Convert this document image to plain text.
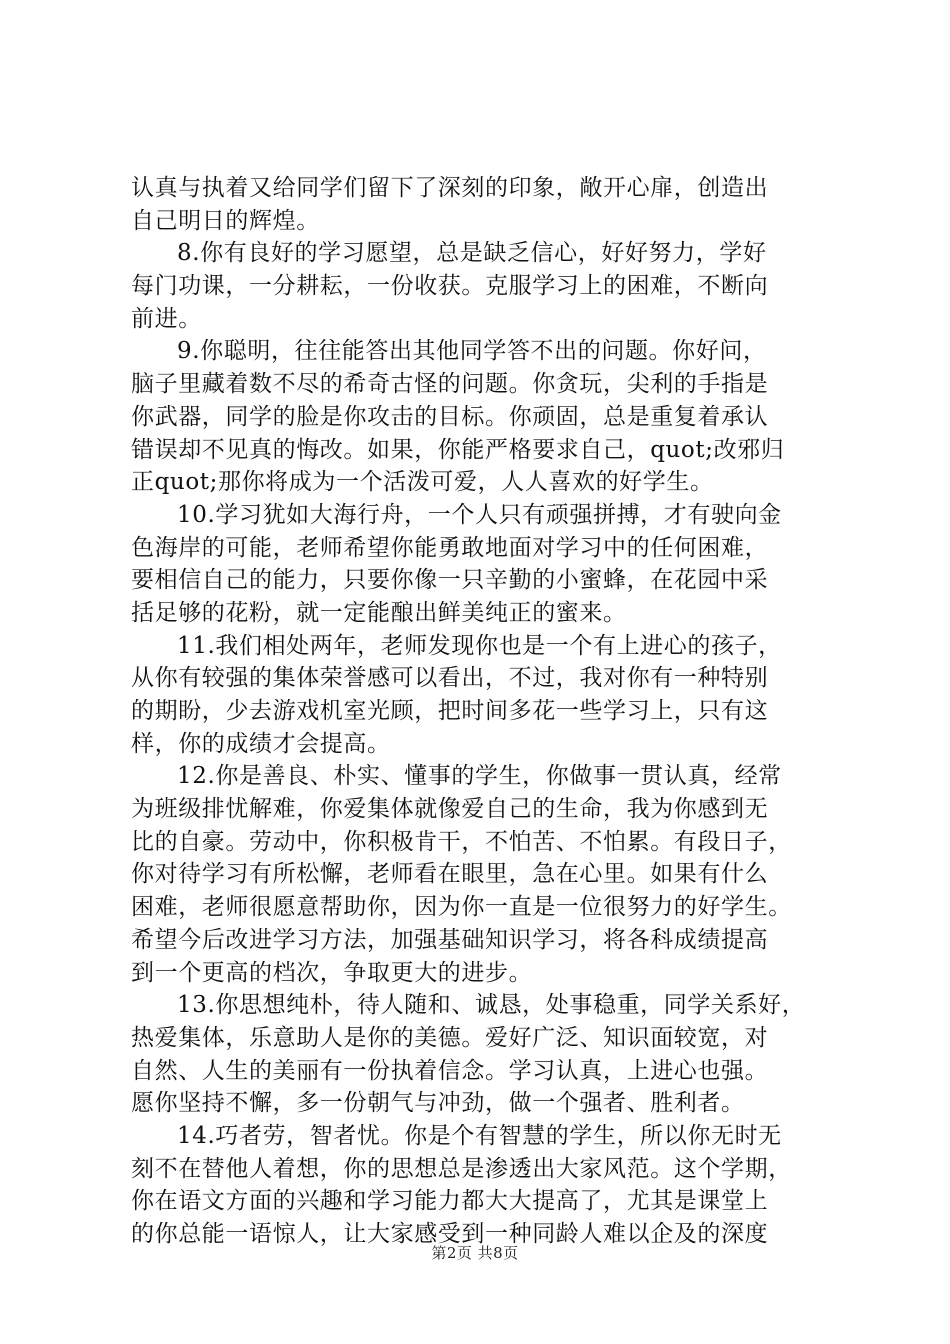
认真与执着又给同学们留下了深刻的印象，敞开心扉，创造出
自己明日的辉煌。
8.你有良好的学习愿望，总是缺乏信心，好好努力，学好
每门功课，一分耕耘，一份收获。克服学习上的困难，不断向
前进。
9.你聪明，往往能答出其他同学答不出的问题。你好问，
脑子里藏着数不尽的希奇古怪的问题。你贪玩，尖利的手指是
你武器，同学的脸是你攻击的目标。你顽固，总是重复着承认
错误却不见真的悔改。如果，你能严格要求自己，quot;改邪归
正quot;那你将成为一个活泼可爱，人人喜欢的好学生。
10.学习犹如大海行舟，一个人只有顽强拼搏，才有驶向金
色海岸的可能，老师希望你能勇敢地面对学习中的任何困难，
要相信自己的能力，只要你像一只辛勤的小蜜蜂，在花园中采
括足够的花粉，就一定能酿出鲜美纯正的蜜来。
11.我们相处两年，老师发现你也是一个有上进心的孩子，
从你有较强的集体荣誉感可以看出，不过，我对你有一种特别
的期盼，少去游戏机室光顾，把时间多花一些学习上，只有这
样，你的成绩才会提高。
12.你是善良、朴实、懂事的学生，你做事一贯认真，经常
为班级排忧解难，你爱集体就像爱自己的生命，我为你感到无
比的自豪。劳动中，你积极肯干，不怕苦、不怕累。有段日子，
你对待学习有所松懈，老师看在眼里，急在心里。如果有什么
困难，老师很愿意帮助你，因为你一直是一位很努力的好学生。
希望今后改进学习方法，加强基础知识学习，将各科成绩提高
到一个更高的档次，争取更大的进步。
13.你思想纯朴，待人随和、诚恳，处事稳重，同学关系好，
热爱集体，乐意助人是你的美德。爱好广泛、知识面较宽，对
自然、人生的美丽有一份执着信念。学习认真，上进心也强。
愿你坚持不懈，多一份朝气与冲劲，做一个强者、胜利者。
14.巧者劳，智者忧。你是个有智慧的学生，所以你无时无
刻不在替他人着想，你的思想总是渗透出大家风范。这个学期，
你在语文方面的兴趣和学习能力都大大提高了，尤其是课堂上
的你总能一语惊人，让大家感受到一种同龄人难以企及的深度
第2页 共8页
